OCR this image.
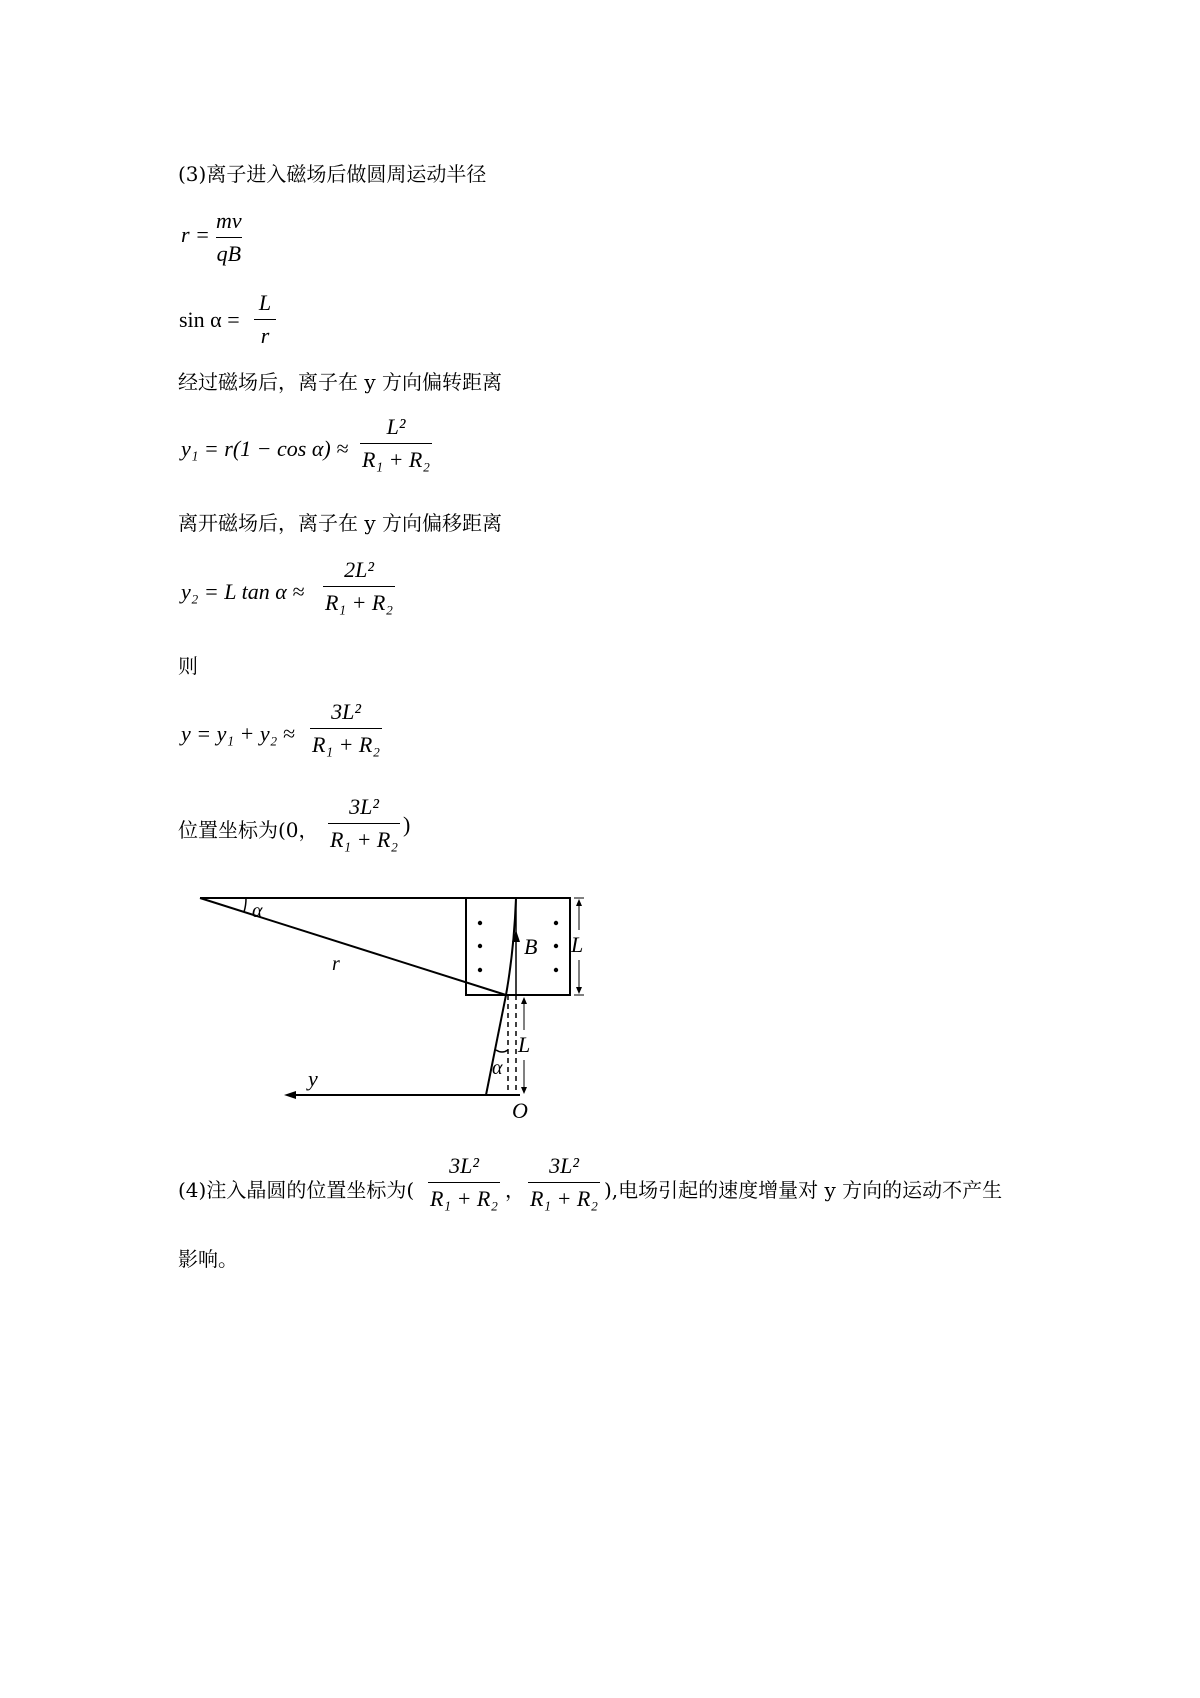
(3)离子进入磁场后做圆周运动半径
r =
mv
qB
sin α =
L
r
经过磁场后，离子在 y 方向偏转距离
y₁ = r(1 − cos α) ≈
L²
R₁ + R₂
离开磁场后，离子在 y 方向偏移距离
y₂ = L tan α ≈
2L²
R₁ + R₂
则
y = y₁ + y₂ ≈
3L²
R₁ + R₂
位置坐标为(0，
3L²
R₁ + R₂
)
B L
α
r
L
α
y
O
(4)注入晶圆的位置坐标为(
3L²
R₁ + R₂ ，
3L²
R₁ + R₂ ),电场引起的速度增量对 y 方向的运动不产生
影响。
